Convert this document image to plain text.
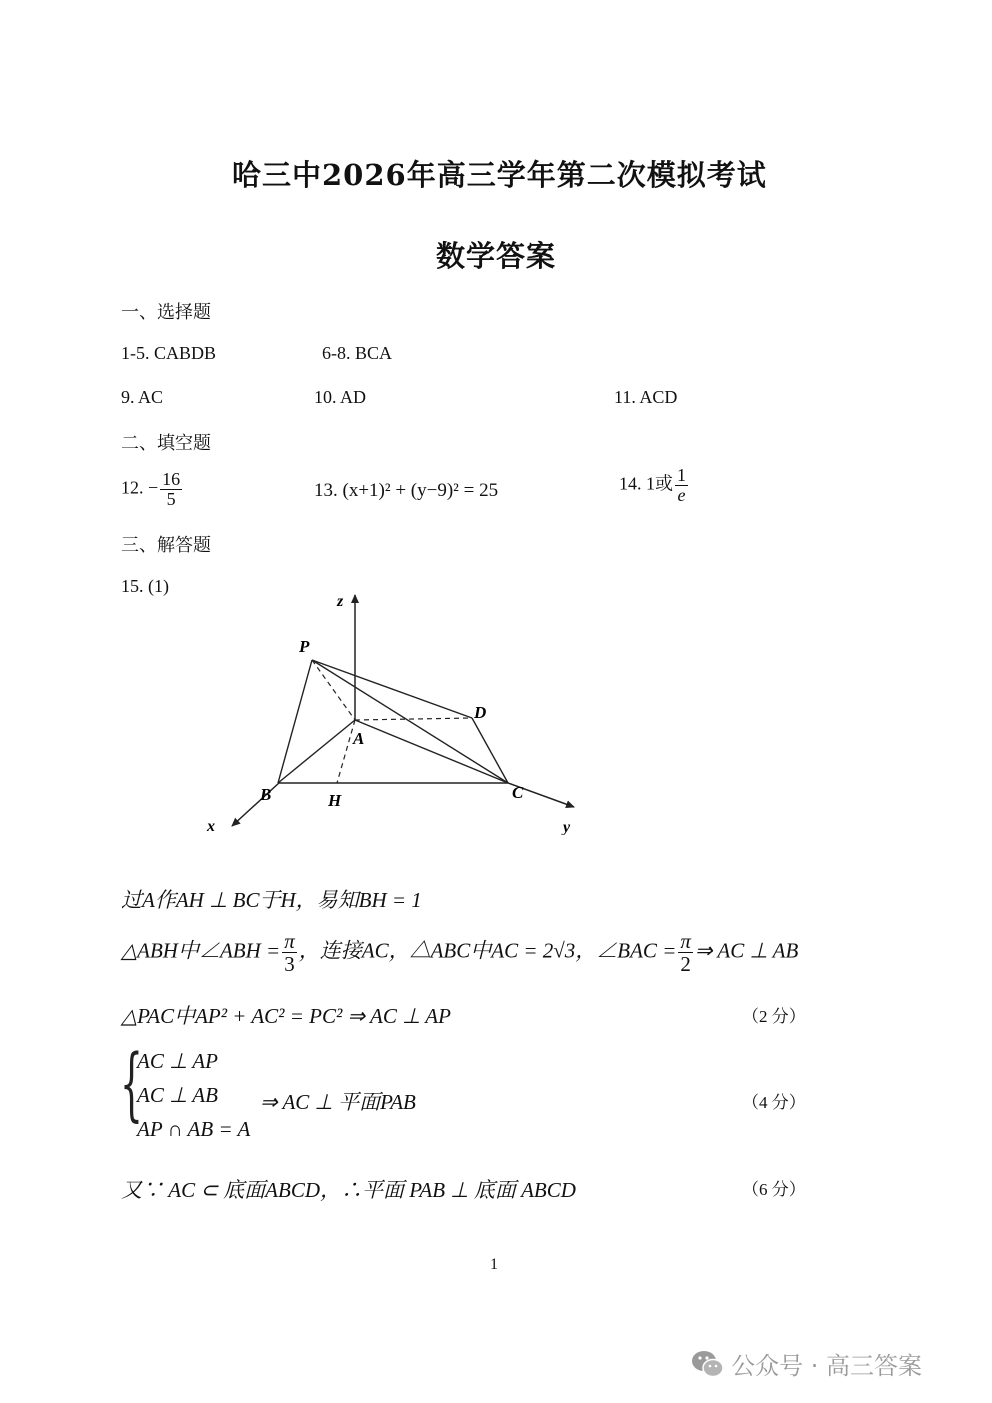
哈三中2026年高三学年第二次模拟考试
数学答案
一、选择题
1-5. CABDB	6-8. BCA
9. AC	10. AD	11. ACD
二、填空题
12. − $\frac{16}{5}$	13. (x+1)² + (y−9)² = 25	14. 1或 $\frac{1}{e}$
三、解答题
15. (1)
z
P
D
A
B	H	C
x	y
过A作AH ⊥ BC于H，易知BH = 1
△ABH中∠ABH = $\frac{\pi}{3}$ ，连接AC，△ABC中AC = 2√3，∠BAC = $\frac{\pi}{2}$ ⇒ AC ⊥ AB
△PAC中AP² + AC² = PC² ⇒ AC ⊥ AP	（2 分）
{
AC ⊥ AP
AC ⊥ AB
AP ∩ AB = A
⇒ AC ⊥ 平面PAB	（4 分）
又∵ AC ⊂ 底面ABCD，∴平面 PAB ⊥ 底面 ABCD	（6 分）
1
公众号 · 高三答案
